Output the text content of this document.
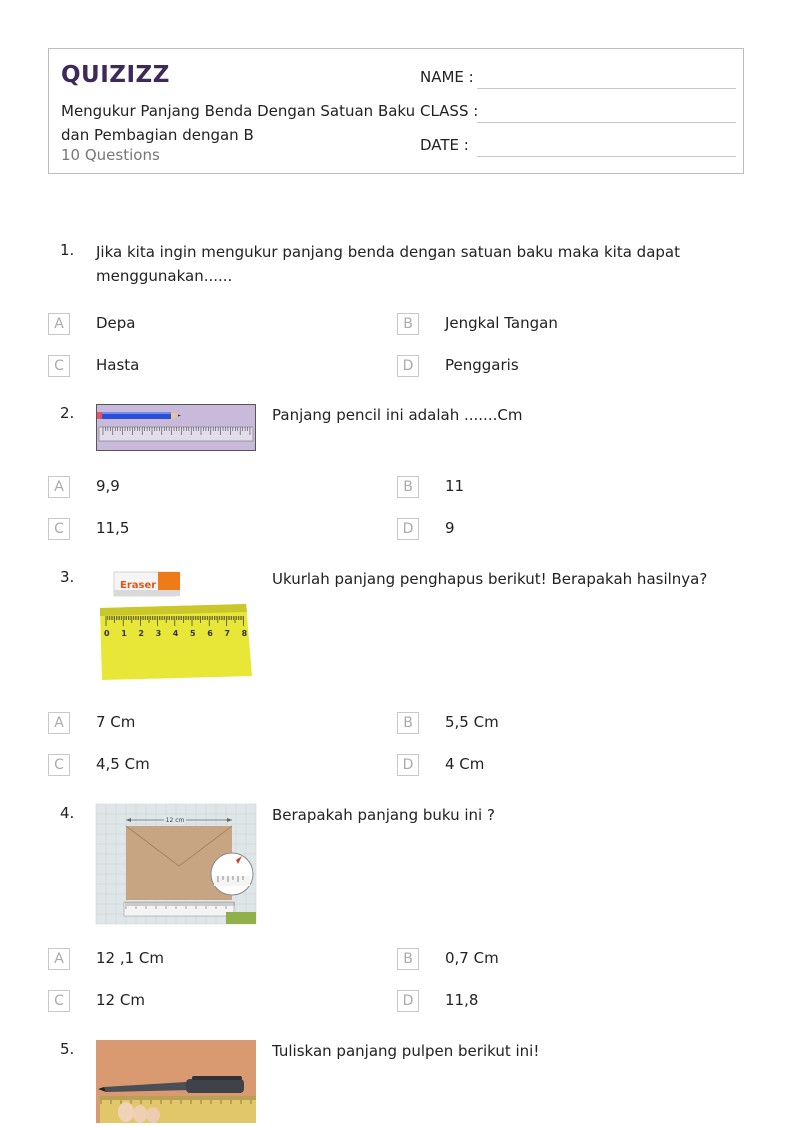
QUIZIZZ
Mengukur Panjang Benda Dengan Satuan Baku dan Pembagian dengan B
10 Questions
NAME :
CLASS :
DATE :
1. Jika kita ingin mengukur panjang benda dengan satuan baku maka kita dapat menggunakan......
A	Depa	B	Jengkal Tangan
C	Hasta	D	Penggaris
2.	Panjang pencil ini adalah .......Cm
A	9,9	B	11
C	11,5	D	9
3.	Eraser
0 1 2 3 4 5 6 7 8
Ukurlah panjang penghapus berikut! Berapakah hasilnya?
A	7 Cm	B	5,5 Cm
C	4,5 Cm	D	4 Cm
4.	12 cm	Berapakah panjang buku ini ?
A	12 ,1 Cm	B	0,7 Cm
C	12 Cm	D	11,8
5.	Tuliskan panjang pulpen berikut ini!
